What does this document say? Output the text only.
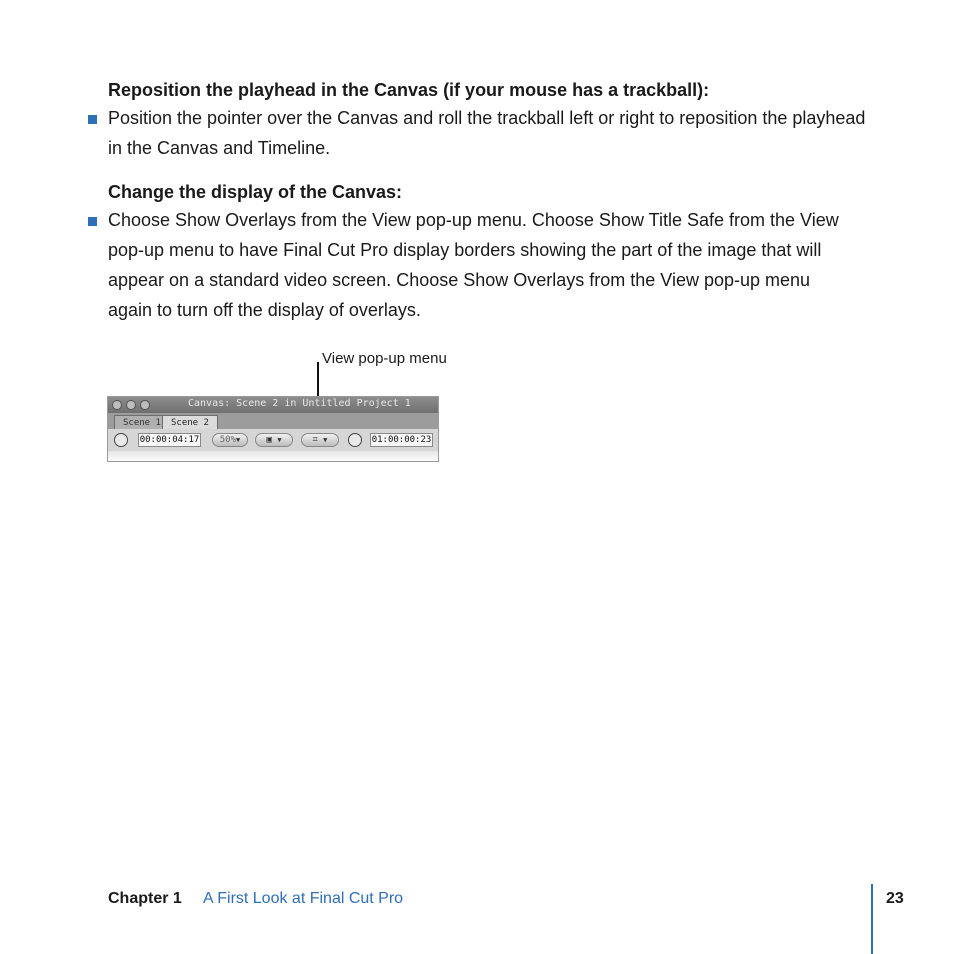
Reposition the playhead in the Canvas (if your mouse has a trackball):
Position the pointer over the Canvas and roll the trackball left or right to reposition the playhead in the Canvas and Timeline.
Change the display of the Canvas:
Choose Show Overlays from the View pop-up menu. Choose Show Title Safe from the View pop-up menu to have Final Cut Pro display borders showing the part of the image that will appear on a standard video screen. Choose Show Overlays from the View pop-up menu again to turn off the display of overlays.
View pop-up menu
Canvas: Scene 2 in Untitled Project 1
Scene 1	Scene 2
00:00:04:17	50%▼	▣ ▼	⌗ ▼	01:00:00:23
Chapter 1 A First Look at Final Cut Pro	23
